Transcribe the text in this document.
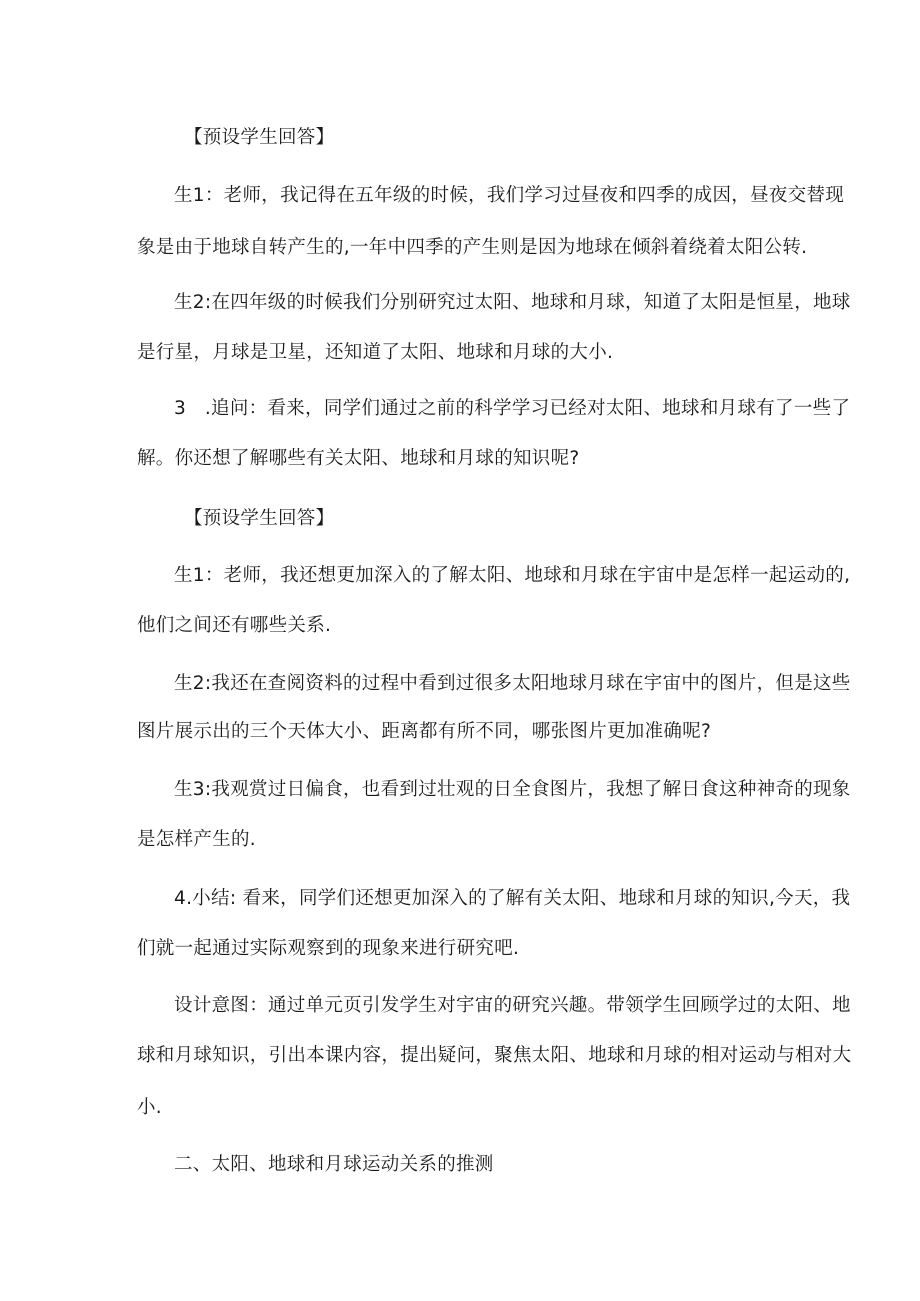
【预设学生回答】
生1：老师，我记得在五年级的时候，我们学习过昼夜和四季的成因，昼夜交替现
象是由于地球自转产生的,一年中四季的产生则是因为地球在倾斜着绕着太阳公转.
生2:在四年级的时候我们分别研究过太阳、地球和月球，知道了太阳是恒星，地球
是行星，月球是卫星，还知道了太阳、地球和月球的大小.
3　.追问：看来，同学们通过之前的科学学习已经对太阳、地球和月球有了一些了
解。你还想了解哪些有关太阳、地球和月球的知识呢?
【预设学生回答】
生1：老师，我还想更加深入的了解太阳、地球和月球在宇宙中是怎样一起运动的,
他们之间还有哪些关系.
生2:我还在查阅资料的过程中看到过很多太阳地球月球在宇宙中的图片，但是这些
图片展示出的三个天体大小、距离都有所不同，哪张图片更加准确呢?
生3:我观赏过日偏食，也看到过壮观的日全食图片，我想了解日食这种神奇的现象
是怎样产生的.
4.小结: 看来，同学们还想更加深入的了解有关太阳、地球和月球的知识,今天，我
们就一起通过实际观察到的现象来进行研究吧.
设计意图：通过单元页引发学生对宇宙的研究兴趣。带领学生回顾学过的太阳、地
球和月球知识，引出本课内容，提出疑问，聚焦太阳、地球和月球的相对运动与相对大
小.
二、太阳、地球和月球运动关系的推测
